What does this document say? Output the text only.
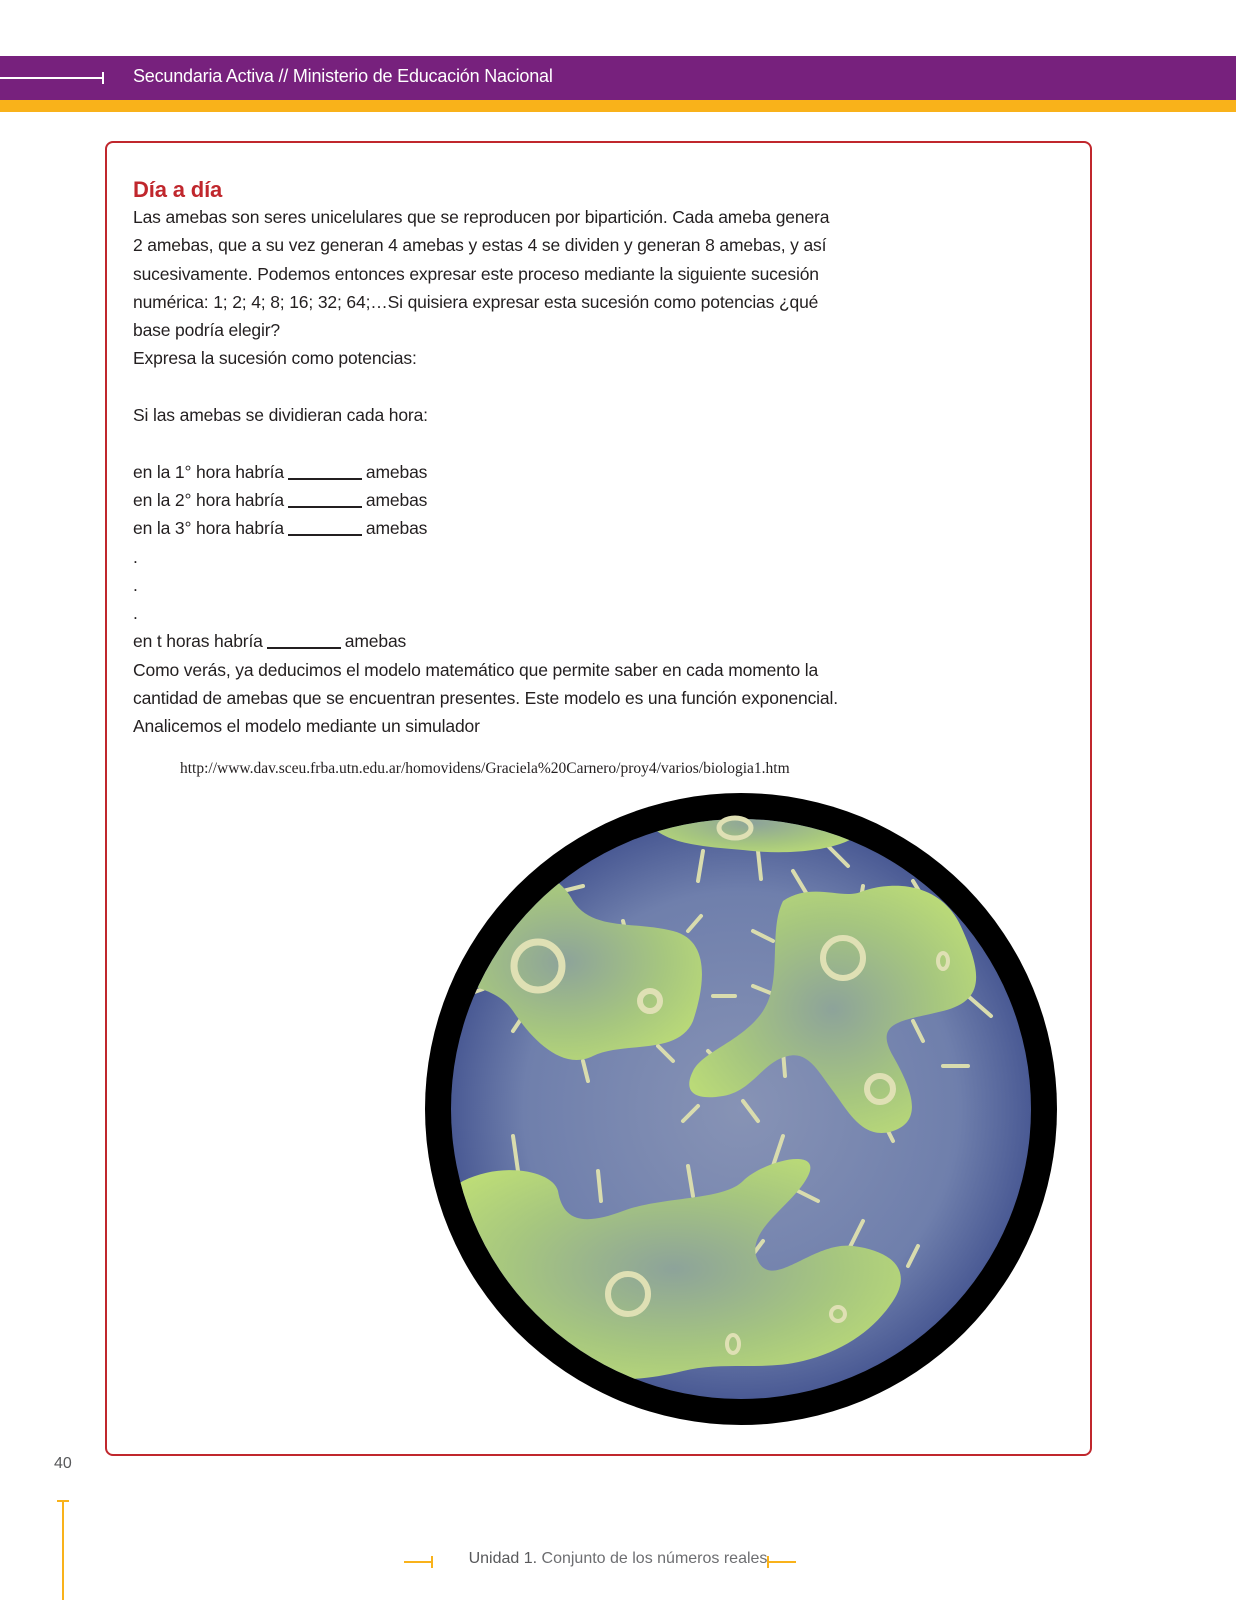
Secundaria Activa // Ministerio de Educación Nacional
Día a día

Las amebas son seres unicelulares que se reproducen por bipartición. Cada ameba genera

2 amebas, que a su vez generan 4 amebas y estas 4 se dividen y generan 8 amebas, y así

sucesivamente. Podemos entonces expresar este proceso mediante la siguiente sucesión

numérica: 1; 2; 4; 8; 16; 32; 64;…Si quisiera expresar esta sucesión como potencias ¿qué

base podría elegir?

Expresa la sucesión como potencias:

Si las amebas se dividieran cada hora:

en la 1° hora habría	amebas

en la 2° hora habría	amebas

en la 3° hora habría	amebas

.

.

.

en t horas habría	amebas

Como verás, ya deducimos el modelo matemático que permite saber en cada momento la

cantidad de amebas que se encuentran presentes. Este modelo es una función exponencial.

Analicemos el modelo mediante un simulador

http://www.dav.sceu.frba.utn.edu.ar/homovidens/Graciela%20Carnero/proy4/varios/biologia1.htm
40
Unidad 1. Conjunto de los números reales
